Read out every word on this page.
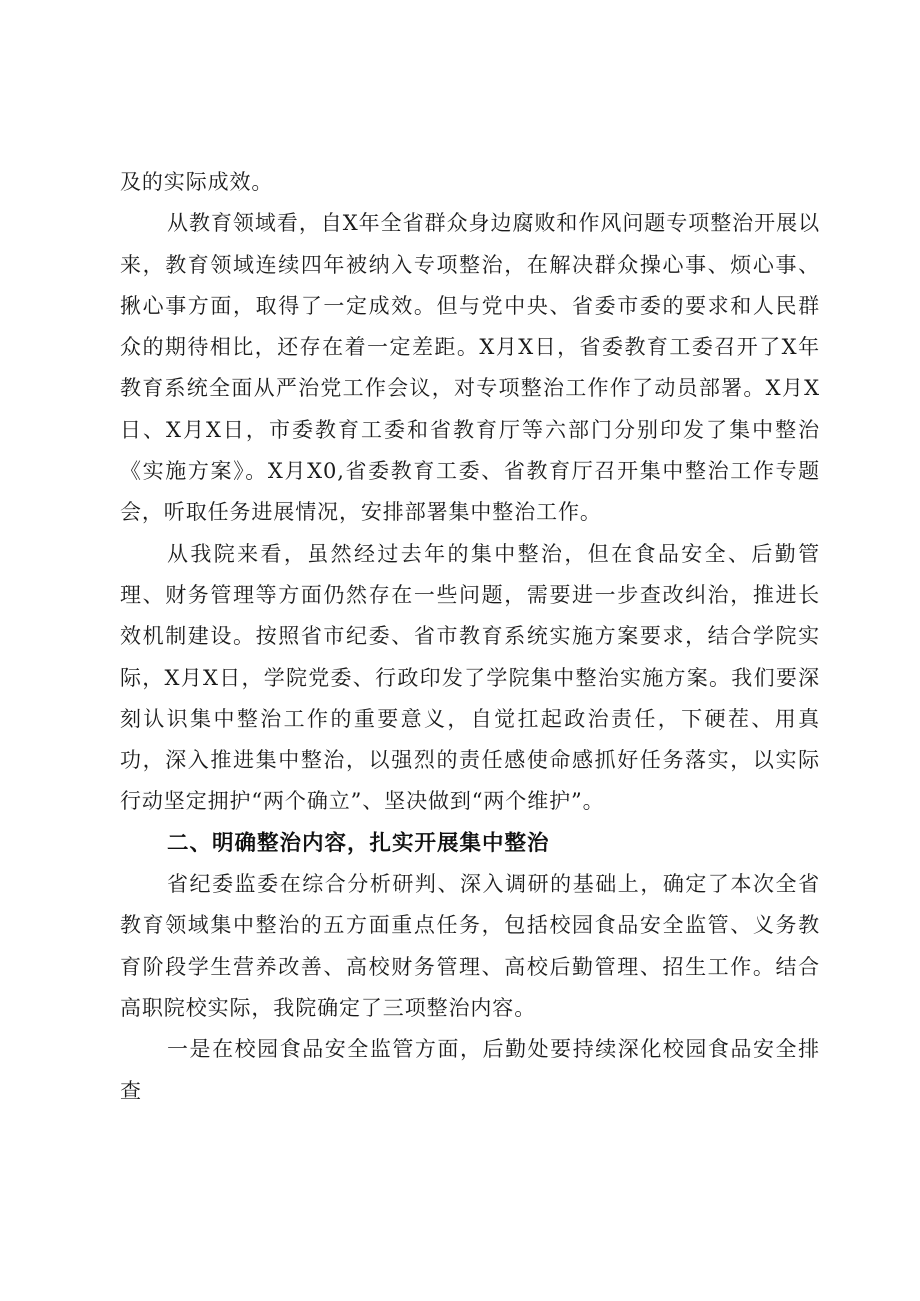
及的实际成效。

从教育领域看，自X年全省群众身边腐败和作风问题专项整治开展以来，教育领域连续四年被纳入专项整治，在解决群众操心事、烦心事、揪心事方面，取得了一定成效。但与党中央、省委市委的要求和人民群众的期待相比，还存在着一定差距。X月X日，省委教育工委召开了X年教育系统全面从严治党工作会议，对专项整治工作作了动员部署。X月X日、X月X日，市委教育工委和省教育厅等六部门分别印发了集中整治《实施方案》。X月X0,省委教育工委、省教育厅召开集中整治工作专题会，听取任务进展情况，安排部署集中整治工作。

从我院来看，虽然经过去年的集中整治，但在食品安全、后勤管理、财务管理等方面仍然存在一些问题，需要进一步查改纠治，推进长效机制建设。按照省市纪委、省市教育系统实施方案要求，结合学院实际，X月X日，学院党委、行政印发了学院集中整治实施方案。我们要深刻认识集中整治工作的重要意义，自觉扛起政治责任，下硬茬、用真功，深入推进集中整治，以强烈的责任感使命感抓好任务落实，以实际行动坚定拥护“两个确立”、坚决做到“两个维护”。

二、明确整治内容，扎实开展集中整治

省纪委监委在综合分析研判、深入调研的基础上，确定了本次全省教育领域集中整治的五方面重点任务，包括校园食品安全监管、义务教育阶段学生营养改善、高校财务管理、高校后勤管理、招生工作。结合高职院校实际，我院确定了三项整治内容。

一是在校园食品安全监管方面，后勤处要持续深化校园食品安全排查
